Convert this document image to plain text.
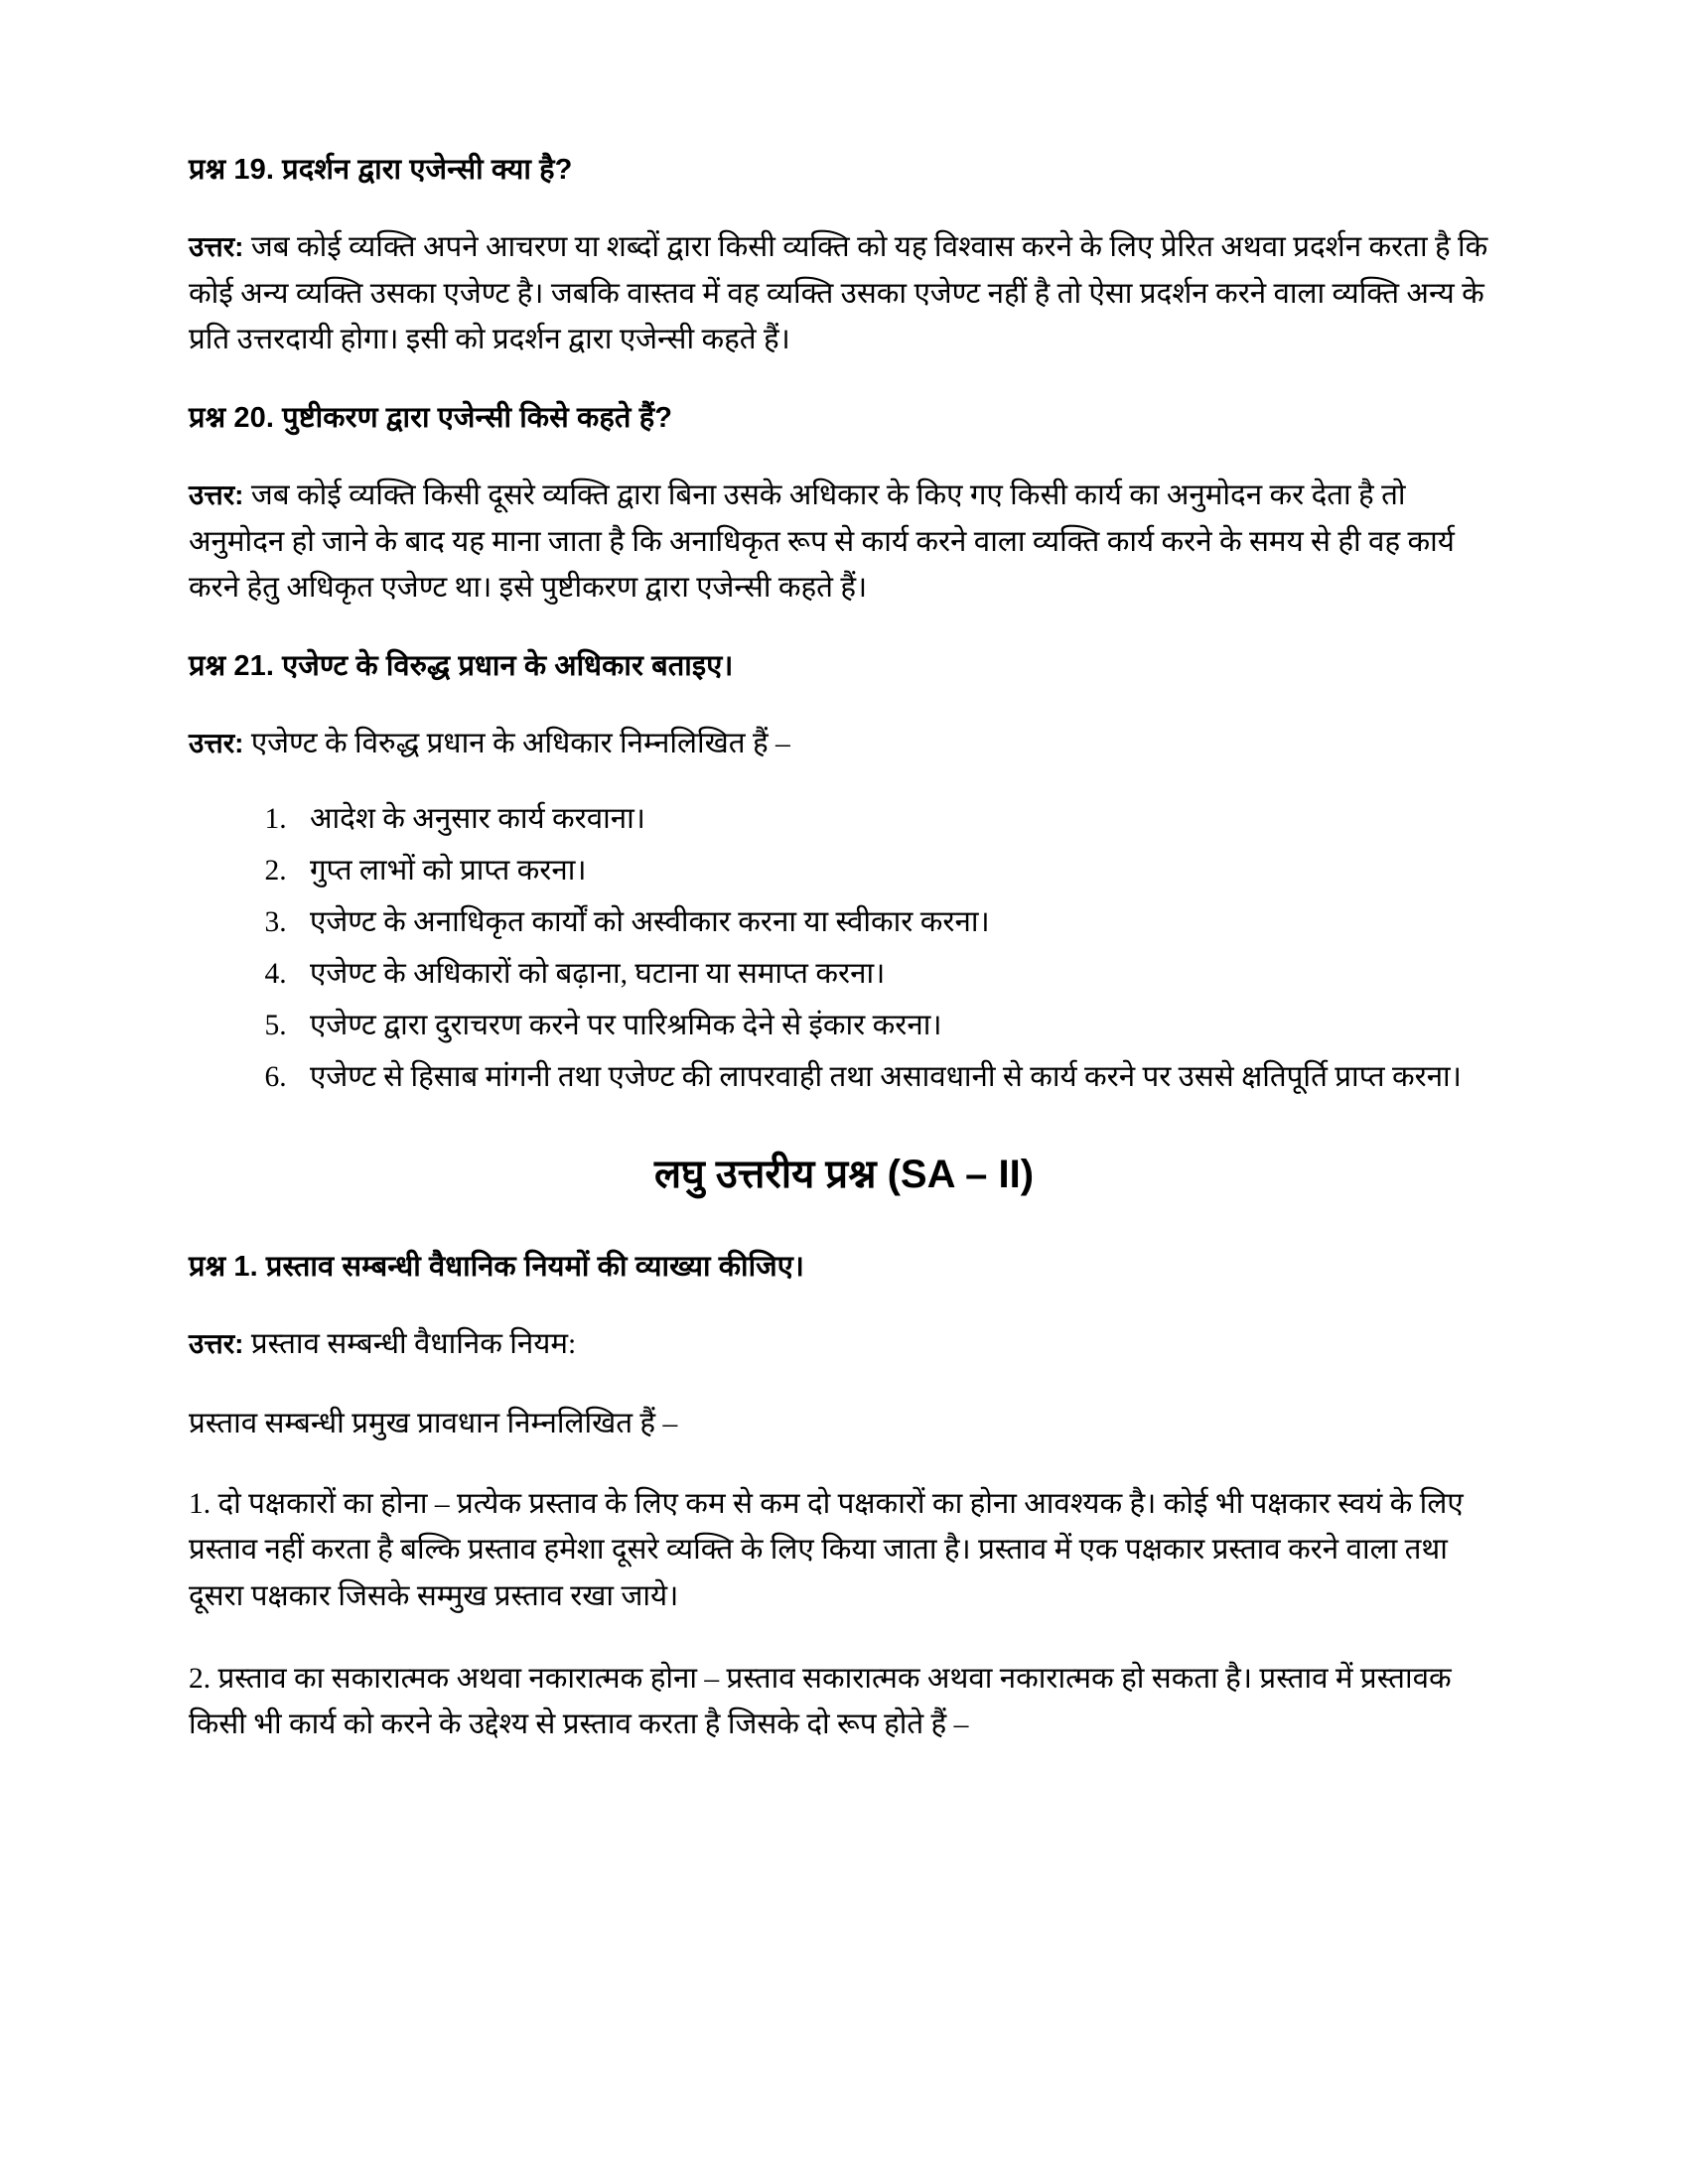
प्रश्न 19. प्रदर्शन द्वारा एजेन्सी क्या है?

उत्तर: जब कोई व्यक्ति अपने आचरण या शब्दों द्वारा किसी व्यक्ति को यह विश्वास करने के लिए प्रेरित अथवा प्रदर्शन करता है कि कोई अन्य व्यक्ति उसका एजेण्ट है। जबकि वास्तव में वह व्यक्ति उसका एजेण्ट नहीं है तो ऐसा प्रदर्शन करने वाला व्यक्ति अन्य के प्रति उत्तरदायी होगा। इसी को प्रदर्शन द्वारा एजेन्सी कहते हैं।

प्रश्न 20. पुष्टीकरण द्वारा एजेन्सी किसे कहते हैं?

उत्तर: जब कोई व्यक्ति किसी दूसरे व्यक्ति द्वारा बिना उसके अधिकार के किए गए किसी कार्य का अनुमोदन कर देता है तो अनुमोदन हो जाने के बाद यह माना जाता है कि अनाधिकृत रूप से कार्य करने वाला व्यक्ति कार्य करने के समय से ही वह कार्य करने हेतु अधिकृत एजेण्ट था। इसे पुष्टीकरण द्वारा एजेन्सी कहते हैं।

प्रश्न 21. एजेण्ट के विरुद्ध प्रधान के अधिकार बताइए।

उत्तर: एजेण्ट के विरुद्ध प्रधान के अधिकार निम्नलिखित हैं –

1. आदेश के अनुसार कार्य करवाना।
2. गुप्त लाभों को प्राप्त करना।
3. एजेण्ट के अनाधिकृत कार्यों को अस्वीकार करना या स्वीकार करना।
4. एजेण्ट के अधिकारों को बढ़ाना, घटाना या समाप्त करना।
5. एजेण्ट द्वारा दुराचरण करने पर पारिश्रमिक देने से इंकार करना।
6. एजेण्ट से हिसाब मांगनी तथा एजेण्ट की लापरवाही तथा असावधानी से कार्य करने पर उससे क्षतिपूर्ति प्राप्त करना।
लघु उत्तरीय प्रश्न (SA – II)
प्रश्न 1. प्रस्ताव सम्बन्धी वैधानिक नियमों की व्याख्या कीजिए।

उत्तर: प्रस्ताव सम्बन्धी वैधानिक नियम:

प्रस्ताव सम्बन्धी प्रमुख प्रावधान निम्नलिखित हैं –

1. दो पक्षकारों का होना – प्रत्येक प्रस्ताव के लिए कम से कम दो पक्षकारों का होना आवश्यक है। कोई भी पक्षकार स्वयं के लिए प्रस्ताव नहीं करता है बल्कि प्रस्ताव हमेशा दूसरे व्यक्ति के लिए किया जाता है। प्रस्ताव में एक पक्षकार प्रस्ताव करने वाला तथा दूसरा पक्षकार जिसके सम्मुख प्रस्ताव रखा जाये।

2. प्रस्ताव का सकारात्मक अथवा नकारात्मक होना – प्रस्ताव सकारात्मक अथवा नकारात्मक हो सकता है। प्रस्ताव में प्रस्तावक किसी भी कार्य को करने के उद्देश्य से प्रस्ताव करता है जिसके दो रूप होते हैं –
